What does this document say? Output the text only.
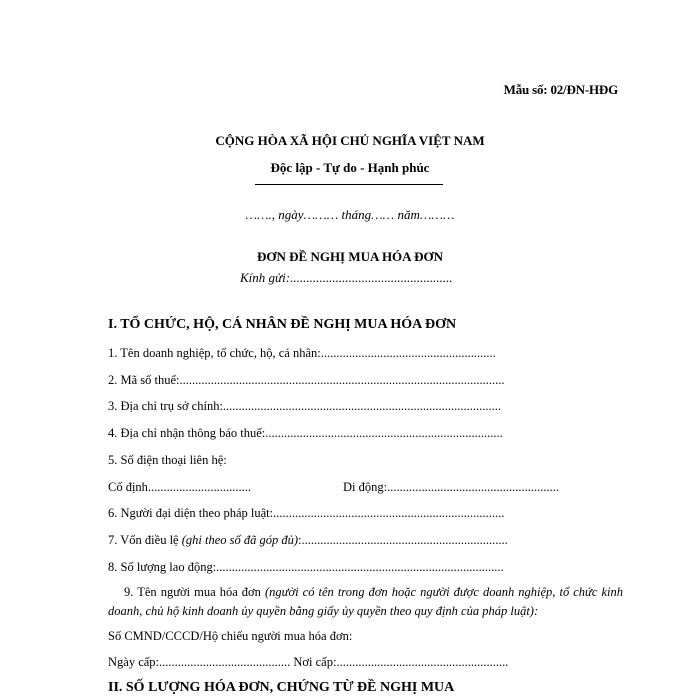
Mẫu số: 02/ĐN-HĐG
CỘNG HÒA XÃ HỘI CHỦ NGHĨA VIỆT NAM
Độc lập - Tự do - Hạnh phúc
……., ngày……… tháng…… năm………
ĐƠN ĐỀ NGHỊ MUA HÓA ĐƠN
Kính gửi:..................................................
I. TỔ CHỨC, HỘ, CÁ NHÂN ĐỀ NGHỊ MUA HÓA ĐƠN
1. Tên doanh nghiệp, tổ chức, hộ, cá nhân:........................................................
2. Mã số thuế:........................................................................................................
3. Địa chỉ trụ sở chính:.........................................................................................
4. Địa chỉ nhận thông báo thuế:............................................................................
5. Số điện thoại liên hệ:
Cố định.................................	Di động:.......................................................
6. Người đại diện theo pháp luật:..........................................................................
7. Vốn điều lệ (ghi theo số đã góp đủ):..................................................................
8. Số lượng lao động:............................................................................................
9. Tên người mua hóa đơn (người có tên trong đơn hoặc người được doanh nghiệp, tổ chức kinh doanh, chủ hộ kinh doanh ủy quyền bằng giấy ủy quyền theo quy định của pháp luật):
Số CMND/CCCD/Hộ chiếu người mua hóa đơn:
Ngày cấp:.......................................... Nơi cấp:.......................................................
II. SỐ LƯỢNG HÓA ĐƠN, CHỨNG TỪ ĐỀ NGHỊ MUA
